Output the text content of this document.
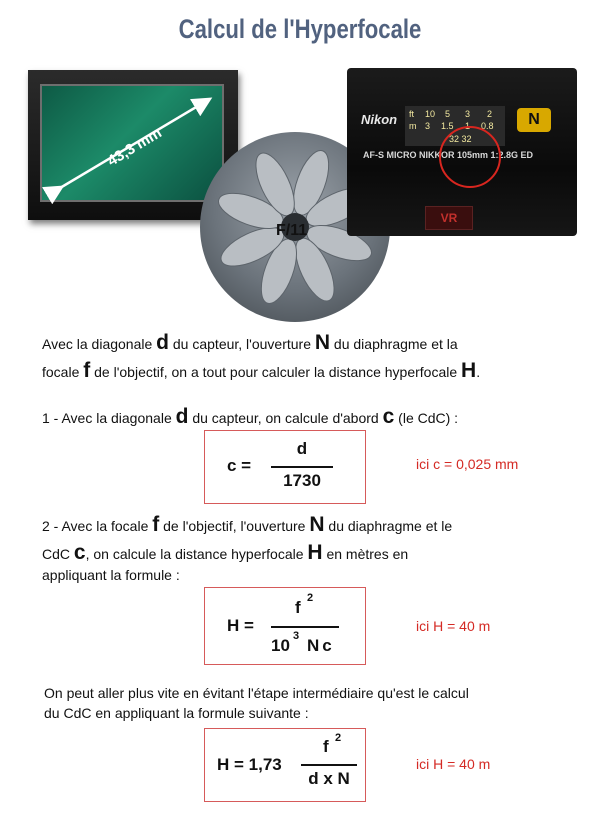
Calcul de l'Hyperfocale
43,3 mm
F/11
Nikon ft 10 5 3 2
m 3 1.5 1 0.8
32 32
N
AF-S MICRO NIKKOR 105mm 1:2.8G ED
VR
Avec la diagonale d du capteur, l'ouverture N du diaphragme et la
focale f de l'objectif, on a tout pour calculer la distance hyperfocale H.
1 - Avec la diagonale d du capteur, on calcule d'abord c (le CdC) :
c =
d
1730
ici c = 0,025 mm
2 - Avec la focale f de l'objectif, l'ouverture N du diaphragme et le
CdC c, on calcule la distance hyperfocale H en mètres en
appliquant la formule :
H =
f 2
10 3 Nc
ici H = 40 m
On peut aller plus vite en évitant l'étape intermédiaire qu'est le calcul
du CdC en appliquant la formule suivante :
H = 1,73
f 2
d x N
ici H = 40 m
